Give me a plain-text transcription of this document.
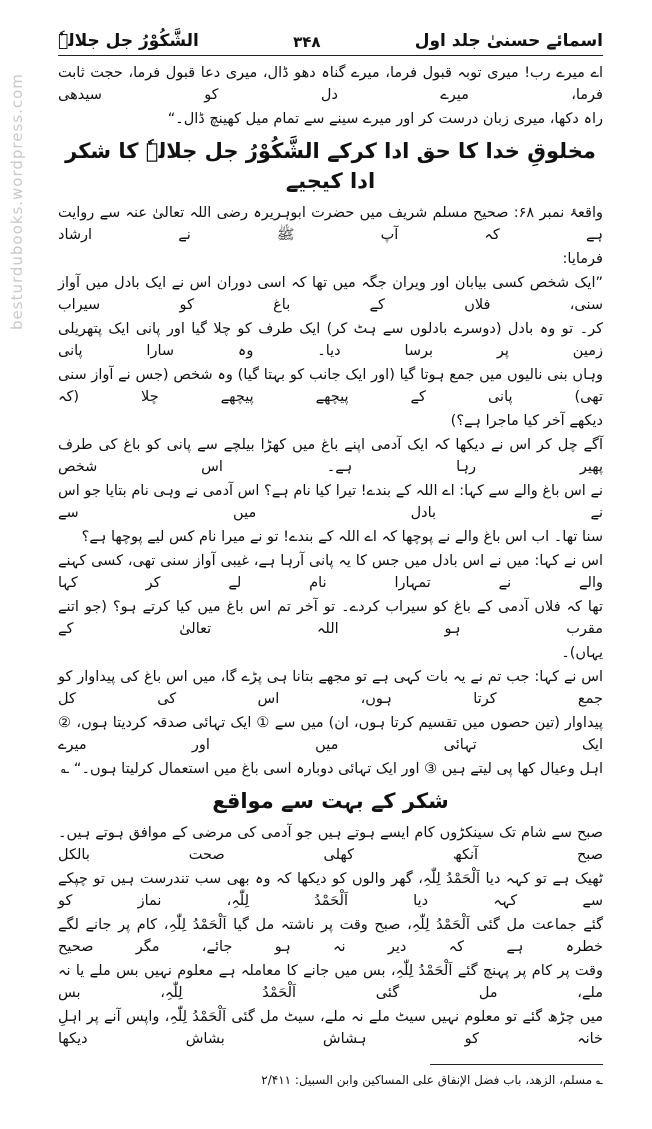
besturdubooks.wordpress.com
اسمائے حسنیٰ جلد اول
۳۴۸
الشَّکُوْرُ جل جلالہٗ
اے میرے رب! میری توبہ قبول فرما، میرے گناہ دھو ڈال، میری دعا قبول فرما، حجت ثابت فرما، میرے دل کو سیدھی
راہ دکھا، میری زبان درست کر اور میرے سینے سے تمام میل کھینچ ڈال۔“
مخلوقِ خدا کا حق ادا کرکے الشَّکُوْرُ جل جلالہٗ کا شکر ادا کیجیے
واقعۂ نمبر ۶۸: صحیح مسلم شریف میں حضرت ابوہریرہ رضی اللہ تعالیٰ عنہ سے روایت ہے کہ آپ ﷺ نے ارشاد
فرمایا:
”ایک شخص کسی بیابان اور ویران جگہ میں تھا کہ اسی دوران اس نے ایک بادل میں آواز سنی، فلاں کے باغ کو سیراب
کر۔ تو وہ بادل (دوسرے بادلوں سے ہٹ کر) ایک طرف کو چلا گیا اور پانی ایک پتھریلی زمین پر برسا دیا۔ وہ سارا پانی
وہاں بنی نالیوں میں جمع ہوتا گیا (اور ایک جانب کو بہتا گیا) وہ شخص (جس نے آواز سنی تھی) پانی کے پیچھے پیچھے چلا (کہ
دیکھے آخر کیا ماجرا ہے؟)
آگے چل کر اس نے دیکھا کہ ایک آدمی اپنے باغ میں کھڑا بیلچے سے پانی کو باغ کی طرف پھیر رہا ہے۔ اس شخص
نے اس باغ والے سے کہا: اے اللہ کے بندے! تیرا کیا نام ہے؟ اس آدمی نے وہی نام بتایا جو اس نے بادل میں سے
سنا تھا۔ اب اس باغ والے نے پوچھا کہ اے اللہ کے بندے! تو نے میرا نام کس لیے پوچھا ہے؟
اس نے کہا: میں نے اس بادل میں جس کا یہ پانی آرہا ہے، غیبی آواز سنی تھی، کسی کہنے والے نے تمہارا نام لے کر کہا
تھا کہ فلاں آدمی کے باغ کو سیراب کردے۔ تو آخر تم اس باغ میں کیا کرتے ہو؟ (جو اتنے مقرب ہو اللہ تعالیٰ کے
یہاں)۔
اس نے کہا: جب تم نے یہ بات کہی ہے تو مجھے بتانا ہی پڑے گا، میں اس باغ کی پیداوار کو جمع کرتا ہوں، اس کی کل
پیداوار (تین حصوں میں تقسیم کرتا ہوں، ان) میں سے ① ایک تہائی صدقہ کردیتا ہوں، ② ایک تہائی میں اور میرے
اہل وعیال کھا پی لیتے ہیں ③ اور ایک تہائی دوبارہ اسی باغ میں استعمال کرلیتا ہوں۔“ ؎
شکر کے بہت سے مواقع
صبح سے شام تک سینکڑوں کام ایسے ہوتے ہیں جو آدمی کی مرضی کے موافق ہوتے ہیں۔ صبح آنکھ کھلی صحت بالکل
ٹھیک ہے تو کہہ دیا اَلْحَمْدُ لِلّٰہِ، گھر والوں کو دیکھا کہ وہ بھی سب تندرست ہیں تو چپکے سے کہہ دیا اَلْحَمْدُ لِلّٰہِ، نماز کو
گئے جماعت مل گئی اَلْحَمْدُ لِلّٰہِ، صبح وقت پر ناشتہ مل گیا اَلْحَمْدُ لِلّٰہِ، کام پر جانے لگے خطرہ ہے کہ دیر نہ ہو جائے، مگر صحیح
وقت پر کام پر پہنچ گئے اَلْحَمْدُ لِلّٰہِ، بس میں جانے کا معاملہ ہے معلوم نہیں بس ملے یا نہ ملے، مل گئی اَلْحَمْدُ لِلّٰہِ، بس
میں چڑھ گئے تو معلوم نہیں سیٹ ملے نہ ملے، سیٹ مل گئی اَلْحَمْدُ لِلّٰہِ، واپس آنے پر اہلِ خانہ کو ہشاش بشاش دیکھا
؎ مسلم، الزهد، باب فضل الإنفاق على المساكين وابن السبيل: ۲/۴۱۱
